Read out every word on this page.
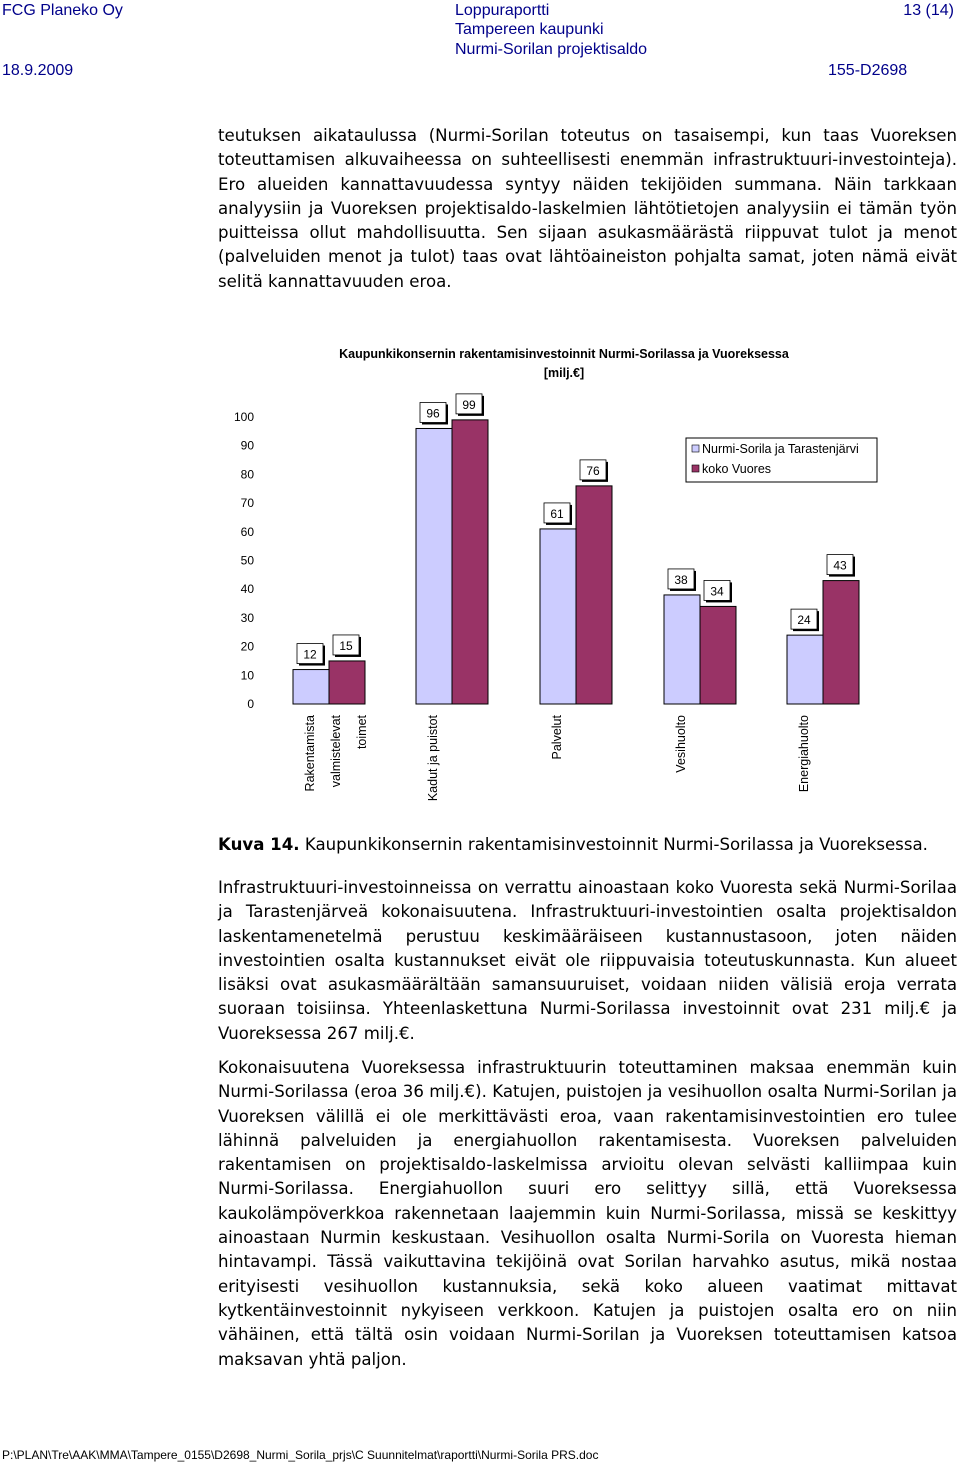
FCG Planeko Oy	Loppuraportti
Tampereen kaupunki
Nurmi-Sorilan projektisaldo
13 (14)
18.9.2009	155-D2698

teutuksen aikataulussa (Nurmi-Sorilan toteutus on tasaisempi, kun taas Vuoreksen toteuttamisen alkuvaiheessa on suhteellisesti enemmän infrastruktuuri-investointeja). Ero alueiden kannattavuudessa syntyy näiden tekijöiden summana. Näin tarkkaan analyysiin ja Vuoreksen projektisaldo-laskelmien lähtötietojen analyysiin ei tämän työn puitteissa ollut mahdollisuutta. Sen sijaan asukasmäärästä riippuvat tulot ja menot (palveluiden menot ja tulot) taas ovat lähtöaineiston pohjalta samat, joten nämä eivät selitä kannattavuuden eroa.

Kaupunkikonsernin rakentamisinvestoinnit Nurmi-Sorilassa ja Vuoreksessa
[milj.€]
0
10
20
30
40
50
60
70
80
90
100
12
96
61
38
24
15
99
76
34
43
Rakentamista valmistelevat toimet	Kadut ja puistot	Palvelut	Vesihuolto	Energiahuolto
Nurmi-Sorila ja Tarastenjärvi
koko Vuores
Kuva 14. Kaupunkikonsernin rakentamisinvestoinnit Nurmi-Sorilassa ja Vuoreksessa.

Infrastruktuuri-investoinneissa on verrattu ainoastaan koko Vuoresta sekä Nurmi-Sorilaa ja Tarastenjärveä kokonaisuutena. Infrastruktuuri-investointien osalta projektisaldon laskentamenetelmä perustuu keskimääräiseen kustannustasoon, joten näiden investointien osalta kustannukset eivät ole riippuvaisia toteutuskunnasta. Kun alueet lisäksi ovat asukasmäärältään samansuuruiset, voidaan niiden välisiä eroja verrata suoraan toisiinsa. Yhteenlaskettuna Nurmi-Sorilassa investoinnit ovat 231 milj.€ ja Vuoreksessa 267 milj.€.

Kokonaisuutena Vuoreksessa infrastruktuurin toteuttaminen maksaa enemmän kuin Nurmi-Sorilassa (eroa 36 milj.€). Katujen, puistojen ja vesihuollon osalta Nurmi-Sorilan ja Vuoreksen välillä ei ole merkittävästi eroa, vaan rakentamisinvestointien ero tulee lähinnä palveluiden ja energiahuollon rakentamisesta. Vuoreksen palveluiden rakentamisen on projektisaldo-laskelmissa arvioitu olevan selvästi kalliimpaa kuin Nurmi-Sorilassa. Energiahuollon suuri ero selittyy sillä, että Vuoreksessa kaukolämpöverkkoa rakennetaan laajemmin kuin Nurmi-Sorilassa, missä se keskittyy ainoastaan Nurmin keskustaan. Vesihuollon osalta Nurmi-Sorila on Vuoresta hieman hintavampi. Tässä vaikuttavina tekijöinä ovat Sorilan harvahko asutus, mikä nostaa erityisesti vesihuollon kustannuksia, sekä koko alueen vaatimat mittavat kytkentäinvestoinnit nykyiseen verkkoon. Katujen ja puistojen osalta ero on niin vähäinen, että tältä osin voidaan Nurmi-Sorilan ja Vuoreksen toteuttamisen katsoa maksavan yhtä paljon.

P:\PLAN\Tre\AAK\MMA\Tampere_0155\D2698_Nurmi_Sorila_prjs\C Suunnitelmat\raportti\Nurmi-Sorila PRS.doc
